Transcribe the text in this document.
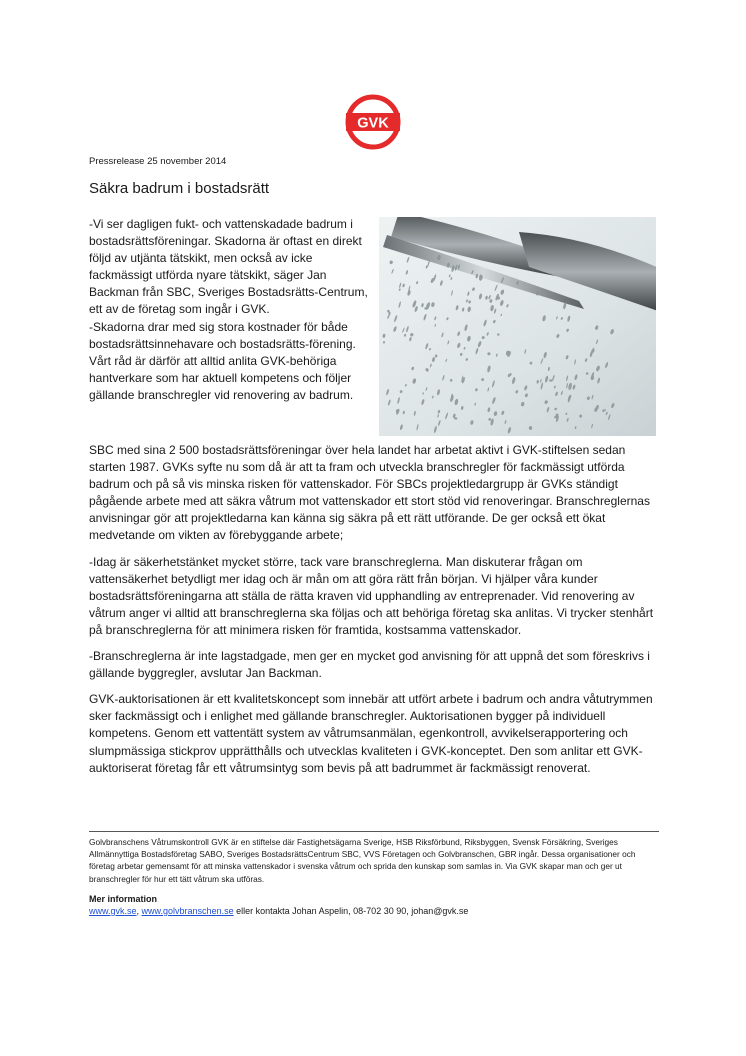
GVK
Pressrelease 25 november 2014
Säkra badrum i bostadsrätt

-Vi ser dagligen fukt- och vattenskadade badrum i bostadsrättsföreningar. Skadorna är oftast en direkt följd av utjänta tätskikt, men också av icke fackmässigt utförda nyare tätskikt, säger Jan Backman från SBC, Sveriges Bostadsrätts-Centrum, ett av de företag som ingår i GVK.

-Skadorna drar med sig stora kostnader för både bostadsrättsinnehavare och bostadsrätts-förening. Vårt råd är därför att alltid anlita GVK-behöriga hantverkare som har aktuell kompetens och följer gällande branschregler vid renovering av badrum.

SBC med sina 2 500 bostadsrättsföreningar över hela landet har arbetat aktivt i GVK-stiftelsen sedan starten 1987. GVKs syfte nu som då är att ta fram och utveckla branschregler för fackmässigt utförda badrum och på så vis minska risken för vattenskador. För SBCs projektledargrupp är GVKs ständigt pågående arbete med att säkra våtrum mot vattenskador ett stort stöd vid renoveringar. Branschreglernas anvisningar gör att projektledarna kan känna sig säkra på ett rätt utförande. De ger också ett ökat medvetande om vikten av förebyggande arbete;

-Idag är säkerhetstänket mycket större, tack vare branschreglerna. Man diskuterar frågan om vattensäkerhet betydligt mer idag och är mån om att göra rätt från början. Vi hjälper våra kunder bostadsrättsföreningarna att ställa de rätta kraven vid upphandling av entreprenader. Vid renovering av våtrum anger vi alltid att branschreglerna ska följas och att behöriga företag ska anlitas. Vi trycker stenhårt på branschreglerna för att minimera risken för framtida, kostsamma vattenskador.

-Branschreglerna är inte lagstadgade, men ger en mycket god anvisning för att uppnå det som föreskrivs i gällande byggregler, avslutar Jan Backman.

GVK-auktorisationen är ett kvalitetskoncept som innebär att utfört arbete i badrum och andra våtutrymmen sker fackmässigt och i enlighet med gällande branschregler. Auktorisationen bygger på individuell kompetens. Genom ett vattentätt system av våtrumsanmälan, egenkontroll, avvikelserapportering och slumpmässiga stickprov upprätthålls och utvecklas kvaliteten i GVK-konceptet. Den som anlitar ett GVK-auktoriserat företag får ett våtrumsintyg som bevis på att badrummet är fackmässigt renoverat.

Golvbranschens Våtrumskontroll GVK är en stiftelse där Fastighetsägarna Sverige, HSB Riksförbund, Riksbyggen, Svensk Försäkring, Sveriges Allmännyttiga Bostadsföretag SABO, Sveriges BostadsrättsCentrum SBC, VVS Företagen och Golvbranschen, GBR ingår. Dessa organisationer och företag arbetar gemensamt för att minska vattenskador i svenska våtrum och sprida den kunskap som samlas in. Via GVK skapar man och ger ut branschregler för hur ett tätt våtrum ska utföras.

Mer information

www.gvk.se, www.golvbranschen.se eller kontakta Johan Aspelin, 08-702 30 90, johan@gvk.se
